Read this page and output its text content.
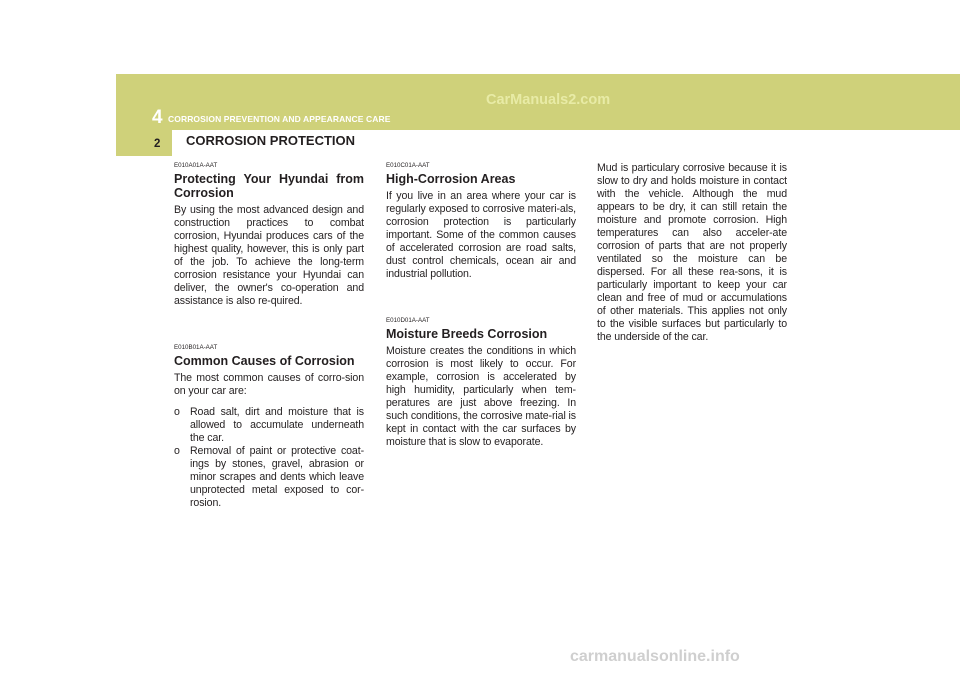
4 CORROSION PREVENTION AND APPEARANCE CARE
CarManuals2.com
CORROSION PROTECTION
2
E010A01A-AAT
Protecting Your Hyundai from Corrosion

By using the most advanced design and construction practices to combat corrosion, Hyundai produces cars of the highest quality, however, this is only part of the job. To achieve the long-term corrosion resistance your Hyundai can deliver, the owner's co-operation and assistance is also re-quired.

E010B01A-AAT
Common Causes of Corrosion

The most common causes of corro-sion on your car are:

o Road salt, dirt and moisture that is allowed to accumulate underneath the car.
o Removal of paint or protective coat-ings by stones, gravel, abrasion or minor scrapes and dents which leave unprotected metal exposed to cor-rosion.
E010C01A-AAT
High-Corrosion Areas

If you live in an area where your car is regularly exposed to corrosive materi-als, corrosion protection is particularly important. Some of the common causes of accelerated corrosion are road salts, dust control chemicals, ocean air and industrial pollution.

E010D01A-AAT
Moisture Breeds Corrosion

Moisture creates the conditions in which corrosion is most likely to occur. For example, corrosion is accelerated by high humidity, particularly when tem-peratures are just above freezing. In such conditions, the corrosive mate-rial is kept in contact with the car surfaces by moisture that is slow to evaporate.

Mud is particulary corrosive because it is slow to dry and holds moisture in contact with the vehicle. Although the mud appears to be dry, it can still retain the moisture and promote corrosion. High temperatures can also acceler-ate corrosion of parts that are not properly ventilated so the moisture can be dispersed. For all these rea-sons, it is particularly important to keep your car clean and free of mud or accumulations of other materials. This applies not only to the visible surfaces but particularly to the underside of the car.

carmanualsonline.info
